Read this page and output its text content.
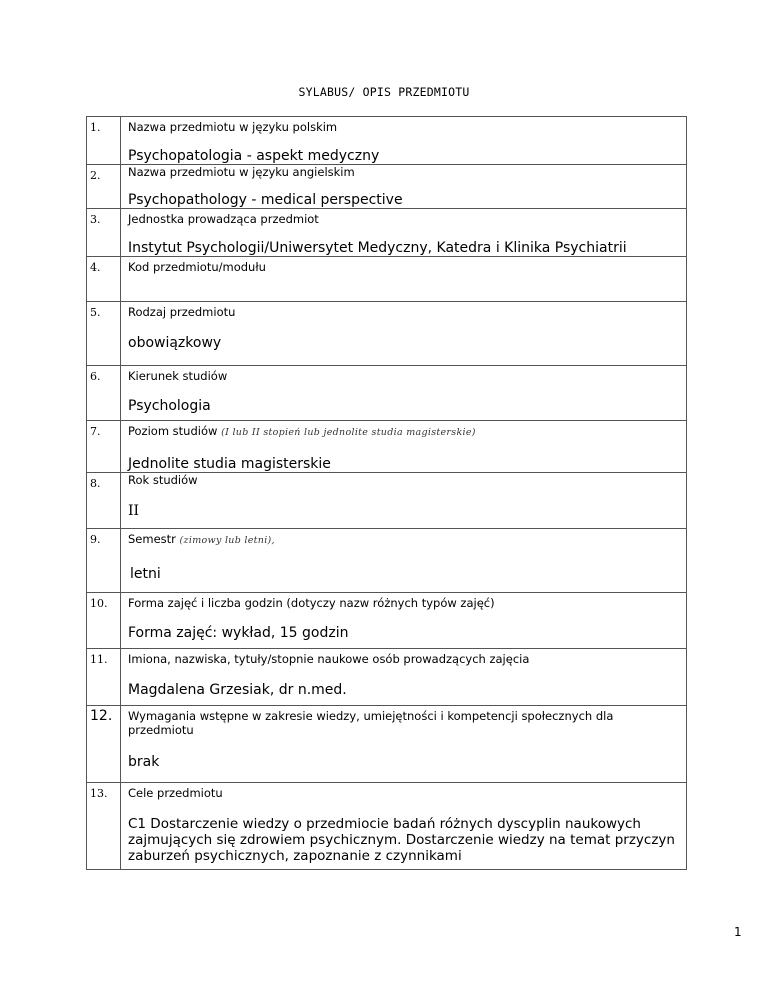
SYLABUS/ OPIS PRZEDMIOTU
1.	Nazwa przedmiotu w języku polskim
Psychopatologia - aspekt medyczny

2.	Nazwa przedmiotu w języku angielskim
Psychopathology - medical perspective

3.	Jednostka prowadząca przedmiot
Instytut Psychologii/Uniwersytet Medyczny, Katedra i Klinika Psychiatrii

4.	Kod przedmiotu/modułu

5.	Rodzaj przedmiotu
obowiązkowy

6.	Kierunek studiów
Psychologia

7.	Poziom studiów (I lub II stopień lub jednolite studia magisterskie)
Jednolite studia magisterskie

8.	Rok studiów
II

9.	Semestr (zimowy lub letni),
letni

10.	Forma zajęć i liczba godzin (dotyczy nazw różnych typów zajęć)
Forma zajęć: wykład, 15 godzin

11.	Imiona, nazwiska, tytuły/stopnie naukowe osób prowadzących zajęcia
Magdalena Grzesiak, dr n.med.

12.	Wymagania wstępne w zakresie wiedzy, umiejętności i kompetencji społecznych dla przedmiotu
brak

13.	Cele przedmiotu
C1 Dostarczenie wiedzy o przedmiocie badań różnych dyscyplin naukowych zajmujących się zdrowiem psychicznym. Dostarczenie wiedzy na temat przyczyn zaburzeń psychicznych, zapoznanie z czynnikami
1
